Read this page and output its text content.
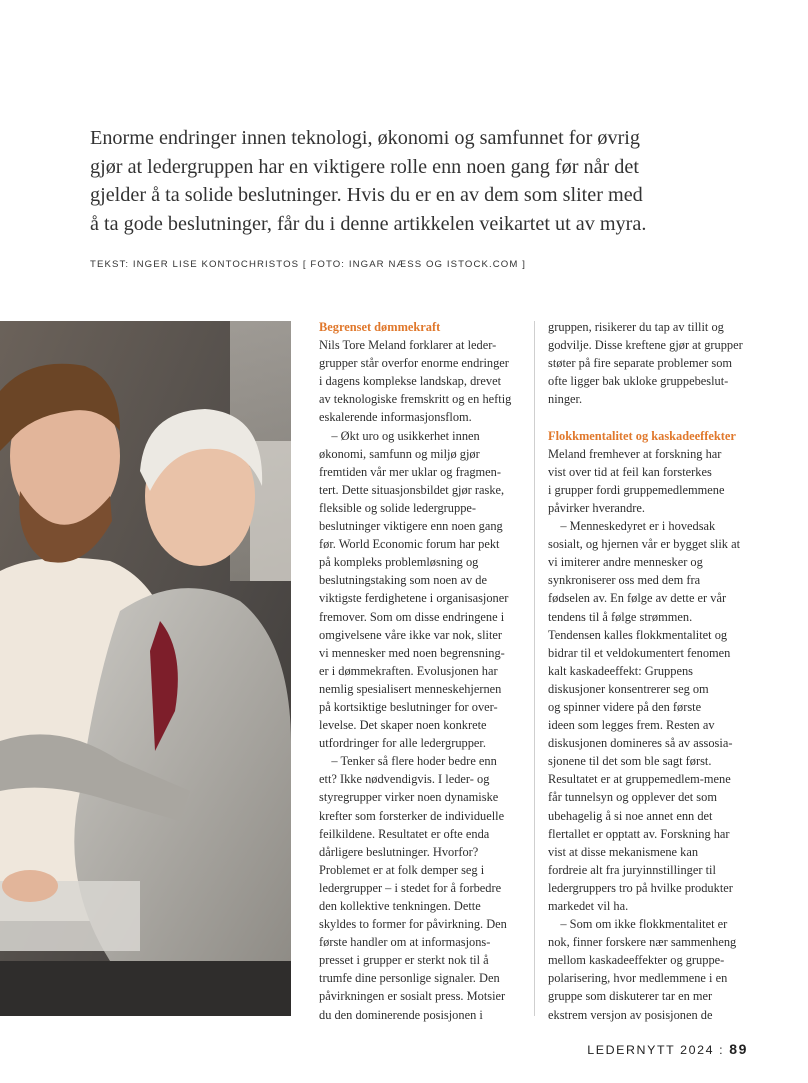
Enorme endringer innen teknologi, økonomi og samfunnet for øvrig
gjør at ledergruppen har en viktigere rolle enn noen gang før når det
gjelder å ta solide beslutninger. Hvis du er en av dem som sliter med
å ta gode beslutninger, får du i denne artikkelen veikartet ut av myra.
TEKST: INGER LISE KONTOCHRISTOS [ FOTO: INGAR NÆSS OG ISTOCK.COM ]
Begrenset dømmekraft
Nils Tore Meland forklarer at leder-
grupper står overfor enorme endringer
i dagens komplekse landskap, drevet
av teknologiske fremskritt og en heftig
eskalerende informasjonsflom.
– Økt uro og usikkerhet innen
økonomi, samfunn og miljø gjør
fremtiden vår mer uklar og fragmen-
tert. Dette situasjonsbildet gjør raske,
fleksible og solide ledergruppe-
beslutninger viktigere enn noen gang
før. World Economic forum har pekt
på kompleks problemløsning og
beslutningstaking som noen av de
viktigste ferdighetene i organisasjoner
fremover. Som om disse endringene i
omgivelsene våre ikke var nok, sliter
vi mennesker med noen begrensning-
er i dømmekraften. Evolusjonen har
nemlig spesialisert menneskehjernen
på kortsiktige beslutninger for over-
levelse. Det skaper noen konkrete
utfordringer for alle ledergrupper.
– Tenker så flere hoder bedre enn
ett? Ikke nødvendigvis. I leder- og
styregrupper virker noen dynamiske
krefter som forsterker de individuelle
feilkildene. Resultatet er ofte enda
dårligere beslutninger. Hvorfor?
Problemet er at folk demper seg i
ledergrupper – i stedet for å forbedre
den kollektive tenkningen. Dette
skyldes to former for påvirkning. Den
første handler om at informasjons-
presset i grupper er sterkt nok til å
trumfe dine personlige signaler. Den
påvirkningen er sosialt press. Motsier
du den dominerende posisjonen i
gruppen, risikerer du tap av tillit og
godvilje. Disse kreftene gjør at grupper
støter på fire separate problemer som
ofte ligger bak ukloke gruppebeslut-
ninger.
Flokkmentalitet og kaskadeeffekter
Meland fremhever at forskning har
vist over tid at feil kan forsterkes
i grupper fordi gruppemedlemmene
påvirker hverandre.
– Menneskedyret er i hovedsak
sosialt, og hjernen vår er bygget slik at
vi imiterer andre mennesker og
synkroniserer oss med dem fra
fødselen av. En følge av dette er vår
tendens til å følge strømmen.
Tendensen kalles flokkmentalitet og
bidrar til et veldokumentert fenomen
kalt kaskadeeffekt: Gruppens
diskusjoner konsentrerer seg om
og spinner videre på den første
ideen som legges frem. Resten av
diskusjonen domineres så av assosia-
sjonene til det som ble sagt først.
Resultatet er at gruppemedlem-mene
får tunnelsyn og opplever det som
ubehagelig å si noe annet enn det
flertallet er opptatt av. Forskning har
vist at disse mekanismene kan
fordreie alt fra juryinnstillinger til
ledergruppers tro på hvilke produkter
markedet vil ha.
– Som om ikke flokkmentalitet er
nok, finner forskere nær sammenheng
mellom kaskadeeffekter og gruppe-
polarisering, hvor medlemmene i en
gruppe som diskuterer tar en mer
ekstrem versjon av posisjonen de
LEDERNYTT 2024 : 89
